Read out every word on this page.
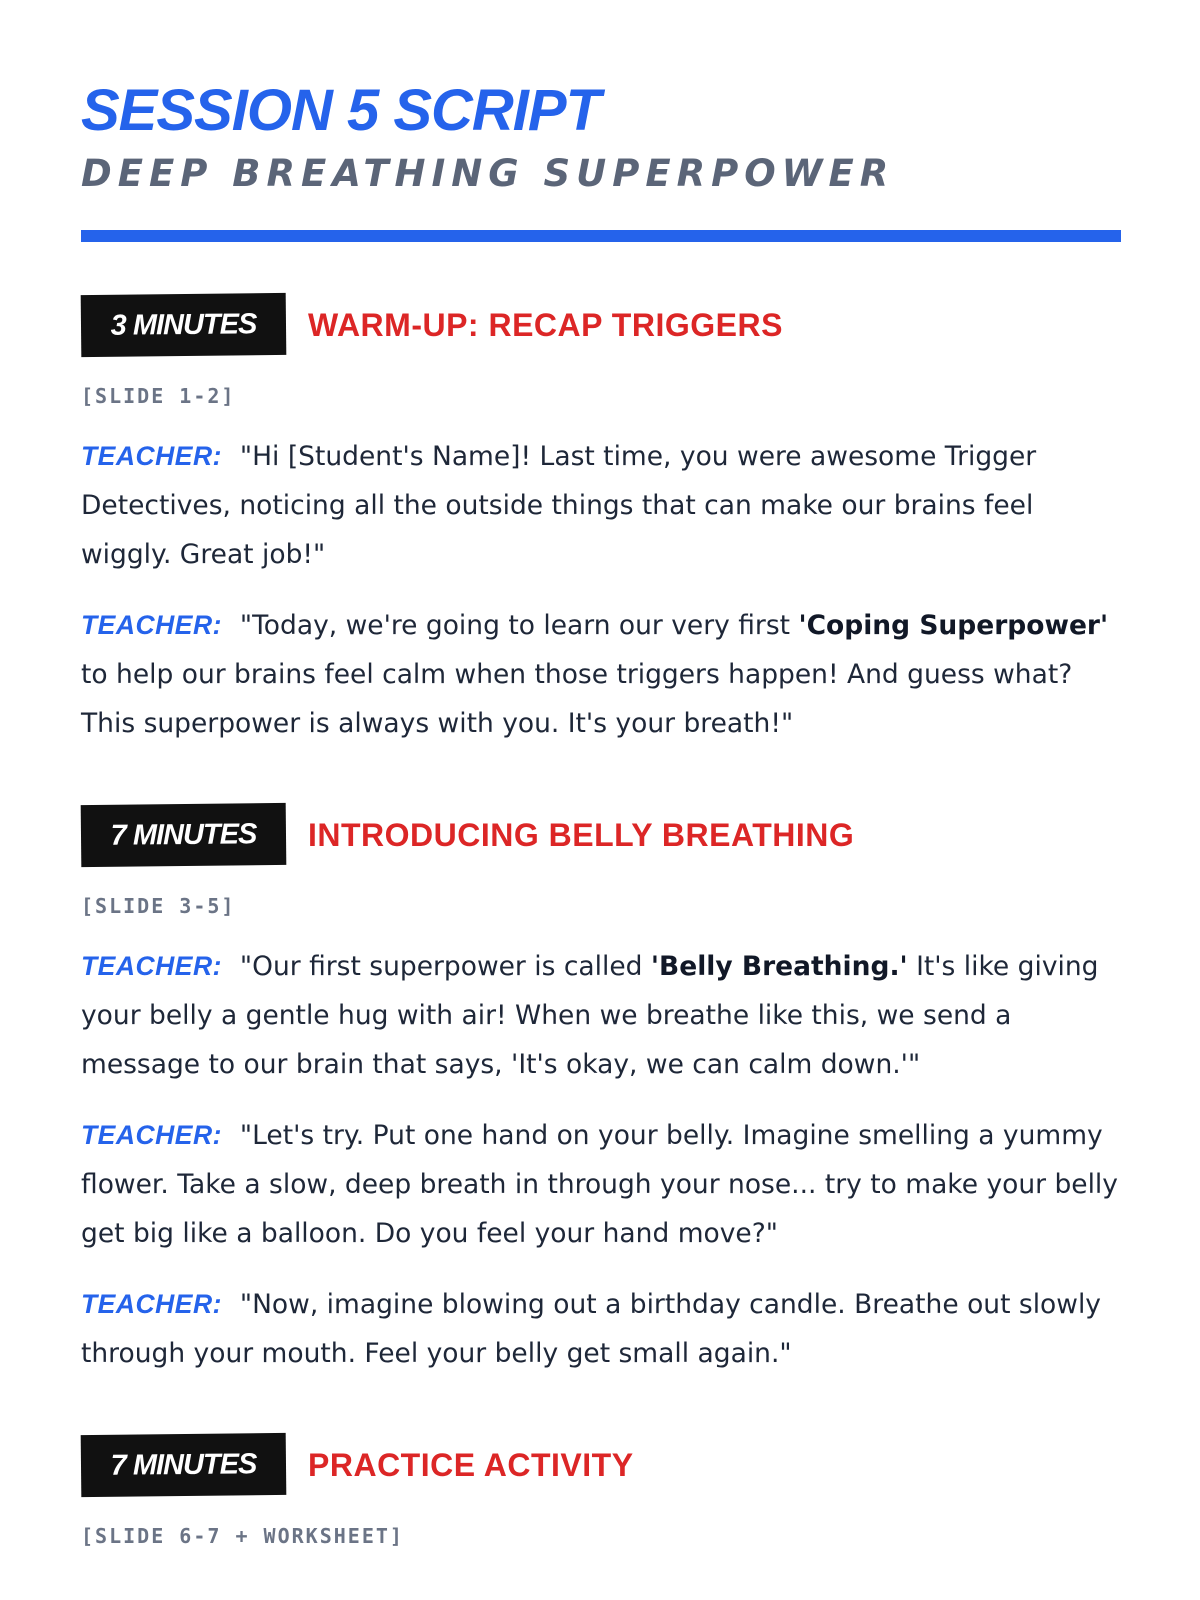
SESSION 5 SCRIPT
DEEP BREATHING SUPERPOWER
3 MINUTES	WARM-UP: RECAP TRIGGERS
[SLIDE 1-2]

TEACHER: "Hi [Student's Name]! Last time, you were awesome Trigger Detectives, noticing all the outside things that can make our brains feel wiggly. Great job!"

TEACHER: "Today, we're going to learn our very first 'Coping Superpower' to help our brains feel calm when those triggers happen! And guess what? This superpower is always with you. It's your breath!"

7 MINUTES	INTRODUCING BELLY BREATHING
[SLIDE 3-5]

TEACHER: "Our first superpower is called 'Belly Breathing.' It's like giving your belly a gentle hug with air! When we breathe like this, we send a message to our brain that says, 'It's okay, we can calm down.'"

TEACHER: "Let's try. Put one hand on your belly. Imagine smelling a yummy flower. Take a slow, deep breath in through your nose... try to make your belly get big like a balloon. Do you feel your hand move?"

TEACHER: "Now, imagine blowing out a birthday candle. Breathe out slowly through your mouth. Feel your belly get small again."

7 MINUTES	PRACTICE ACTIVITY
[SLIDE 6-7 + WORKSHEET]
